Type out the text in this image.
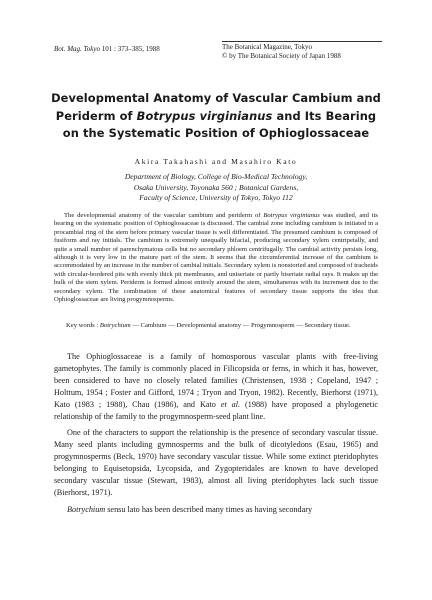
Bot. Mag. Tokyo 101 : 373–385, 1988	The Botanical Magazine, Tokyo
© by The Botanical Society of Japan 1988
Developmental Anatomy of Vascular Cambium and
Periderm of Botrypus virginianus and Its Bearing
on the Systematic Position of Ophioglossaceae
Akira Takahashi and Masahiro Kato
Department of Biology, College of Bio-Medical Technology,
Osaka University, Toyonaka 560 ; Botanical Gardens,
Faculty of Science, University of Tokyo, Tokyo 112

The developmental anatomy of the vascular cambium and periderm of Botrypus virginianus was studied, and its bearing on the systematic position of Ophioglossaceae is discussed. The cambial zone including cambium is initiated in a procambial ring of the stem before primary vascular tissue is well differentiated. The presumed cambium is composed of fusiform and ray initials. The cambium is extremely unequally bifacial, producing secondary xylem centripetally, and quite a small number of parenchymatous cells but no secondary phloem centrifugally. The cambial activity persists long, although it is very low in the mature part of the stem. It seems that the circumferential increase of the cambium is accommodated by an increase in the number of cambial initials. Secondary xylem is nonstoried and composed of tracheids with circular-bordered pits with evenly thick pit membranes, and uniseriate or partly biseriate radial rays. It makes up the bulk of the stem xylem. Periderm is formed almost entirely around the stem, simultaneous with its increment due to the secondary xylem. The combination of these anatomical features of secondary tissue supports the idea that Ophioglossaceae are living progymnosperms.

Key words : Botrychium — Cambium — Developmental anatomy — Progymnosperm — Secondary tissue.

The Ophioglossaceae is a family of homosporous vascular plants with free-living gametophytes. The family is commonly placed in Filicopsida or ferns, in which it has, however, been considered to have no closely related families (Christensen, 1938 ; Copeland, 1947 ; Holttum, 1954 ; Foster and Gifford, 1974 ; Tryon and Tryon, 1982). Recently, Bierhorst (1971), Kato (1983 ; 1988), Chau (1986), and Kato et al. (1988) have proposed a phylogenetic relationship of the family to the progymnosperm-seed plant line.

One of the characters to support the relationship is the presence of secondary vascular tissue. Many seed plants including gymnosperms and the bulk of dicotyledons (Esau, 1965) and progymnosperms (Beck, 1970) have secondary vascular tissue. While some extinct pteridophytes belonging to Equisetopsida, Lycopsida, and Zygopteridales are known to have developed secondary vascular tissue (Stewart, 1983), almost all living pteridophytes lack such tissue (Bierhorst, 1971).

Botrychium sensu lato has been described many times as having secondary
